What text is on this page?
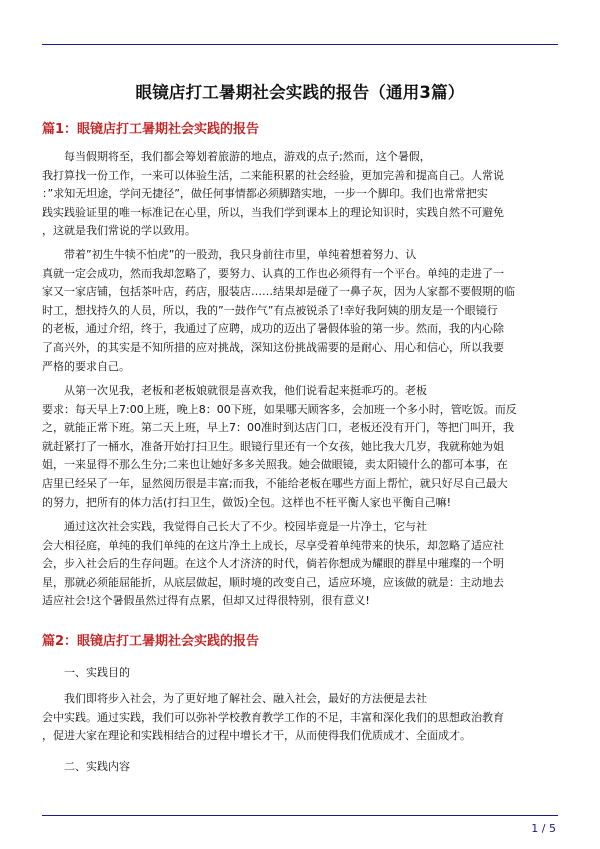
眼镜店打工暑期社会实践的报告（通用3篇）
篇1：眼镜店打工暑期社会实践的报告

每当假期将至，我们都会筹划着旅游的地点，游戏的点子;然而，这个暑假，
我打算找一份工作，一来可以体验生活，二来能积累的社会经验，更加完善和提高自己。人常说
：”求知无坦途，学问无捷径”，做任何事情都必须脚踏实地，一步一个脚印。我们也常常把实
践实践验证里的唯一标准记在心里，所以，当我们学到课本上的理论知识时，实践自然不可避免
，这就是我们常说的学以致用。

带着”初生牛犊不怕虎”的一股劲，我只身前往市里，单纯着想着努力、认
真就一定会成功，然而我却忽略了，要努力、认真的工作也必须得有一个平台。单纯的走进了一
家又一家店铺，包括茶叶店，药店，服装店……结果却是碰了一鼻子灰，因为人家都不要假期的临
时工，想找持久的人员，所以，我的”一鼓作气”有点被锐杀了!幸好我阿姨的朋友是一个眼镜行
的老板，通过介绍，终于，我通过了应聘，成功的迈出了暑假体验的第一步。然而，我的内心除
了高兴外，的其实是不知所措的应对挑战，深知这份挑战需要的是耐心、用心和信心，所以我要
严格的要求自己。

从第一次见我，老板和老板娘就很是喜欢我，他们说看起来挺乖巧的。老板
要求：每天早上7:00上班，晚上8：00下班，如果哪天顾客多，会加班一个多小时，管吃饭。而反
之，就能正常下班。第二天上班，早上7：00准时到达店门口，老板还没有开门，等把门叫开，我
就赶紧打了一桶水，准备开始打扫卫生。眼镜行里还有一个女孩，她比我大几岁，我就称她为姐
姐，一来显得不那么生分;二来也让她好多多关照我。她会做眼镜，卖太阳镜什么的都可本事，在
店里已经呆了一年，显然阅历很是丰富;而我，不能给老板在哪些方面上帮忙，就只好尽自己最大
的努力，把所有的体力活(打扫卫生，做饭)全包。这样也不枉平衡人家也平衡自己嘛!

通过这次社会实践，我觉得自己长大了不少。校园毕竟是一片净土，它与社
会大相径庭，单纯的我们单纯的在这片净土上成长，尽享受着单纯带来的快乐，却忽略了适应社
会，步入社会后的生存问题。在这个人才济济的时代，倘若你想成为耀眼的群星中璀璨的一个明
星，那就必须能屈能折，从底层做起，顺时境的改变自己，适应环境，应该做的就是：主动地去
适应社会!这个暑假虽然过得有点累，但却又过得很特别，很有意义!

篇2：眼镜店打工暑期社会实践的报告
一、实践目的

我们即将步入社会，为了更好地了解社会、融入社会，最好的方法便是去社
会中实践。通过实践，我们可以弥补学校教育教学工作的不足，丰富和深化我们的思想政治教育
，促进大家在理论和实践相结合的过程中增长才干，从而使得我们优质成才、全面成才。

二、实践内容
1 / 5
